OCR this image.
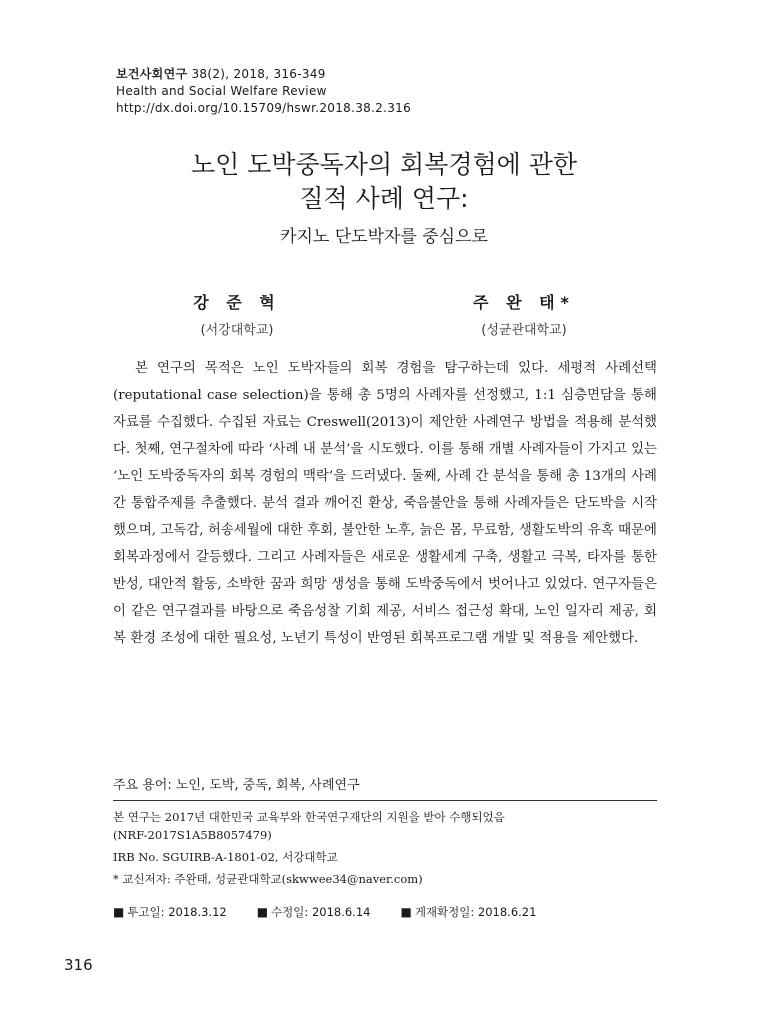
보건사회연구 38(2), 2018, 316-349
Health and Social Welfare Review
http://dx.doi.org/10.15709/hswr.2018.38.2.316
노인 도박중독자의 회복경험에 관한
질적 사례 연구:
카지노 단도박자를 중심으로
강 준 혁
(서강대학교)
주 완 태*
(성균관대학교)
본 연구의 목적은 노인 도박자들의 회복 경험을 탐구하는데 있다. 세평적 사례선택(reputational case selection)을 통해 총 5명의 사례자를 선정했고, 1:1 심층면담을 통해 자료를 수집했다. 수집된 자료는 Creswell(2013)이 제안한 사례연구 방법을 적용해 분석했다. 첫째, 연구절차에 따라 ‘사례 내 분석’을 시도했다. 이를 통해 개별 사례자들이 가지고 있는 ‘노인 도박중독자의 회복 경험의 맥락’을 드러냈다. 둘째, 사례 간 분석을 통해 총 13개의 사례 간 통합주제를 추출했다. 분석 결과 깨어진 환상, 죽음불안을 통해 사례자들은 단도박을 시작했으며, 고독감, 허송세월에 대한 후회, 불안한 노후, 늙은 몸, 무료함, 생활도박의 유혹 때문에 회복과정에서 갈등했다. 그리고 사례자들은 새로운 생활세계 구축, 생활고 극복, 타자를 통한 반성, 대안적 활동, 소박한 꿈과 희망 생성을 통해 도박중독에서 벗어나고 있었다. 연구자들은 이 같은 연구결과를 바탕으로 죽음성찰 기회 제공, 서비스 접근성 확대, 노인 일자리 제공, 회복 환경 조성에 대한 필요성, 노년기 특성이 반영된 회복프로그램 개발 및 적용을 제안했다.
주요 용어: 노인, 도박, 중독, 회복, 사례연구

본 연구는 2017년 대한민국 교육부와 한국연구재단의 지원을 받아 수행되었음
(NRF-2017S1A5B8057479)

IRB No. SGUIRB-A-1801-02, 서강대학교

* 교신저자: 주완태, 성균관대학교(skwwee34@naver.com)

■ 투고일: 2018.3.12	■ 수정일: 2018.6.14	■ 게재확정일: 2018.6.21
316
